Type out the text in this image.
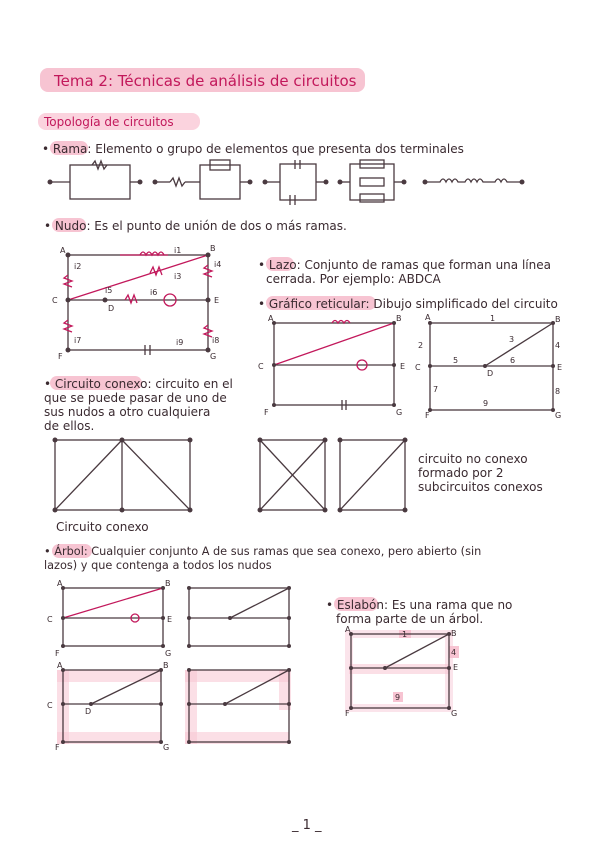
Tema 2: Técnicas de análisis de circuitos
Topología de circuitos
• Rama: Elemento o grupo de elementos que presenta dos terminales
• Nudo: Es el punto de unión de dos o más ramas.
A	B
C
D
E
F	G
i1
i2
i3
i4
i5	i6
i7	i8
i9
• Lazo: Conjunto de ramas que forman una línea
cerrada. Por ejemplo: ABDCA
• Gráfico reticular: Dibujo simplificado del circuito
A	B
C	E
F	G
A	B
C
D
E
F	G
1
2
3
4
5	6
7	8
9
• Circuito conexo: circuito en el
que se puede pasar de uno de
sus nudos a otro cualquiera
de ellos.
Circuito conexo
circuito no conexo
formado por 2
subcircuitos conexos
• Árbol: Cualquier conjunto A de sus ramas que sea conexo, pero abierto (sin
lazos) y que contenga a todos los nudos
A	B
C	E
F	G
A	B
C
D
F	G
• Eslabón: Es una rama que no
forma parte de un árbol.
A	B
E
F	G
1
4
9
_ 1 _
